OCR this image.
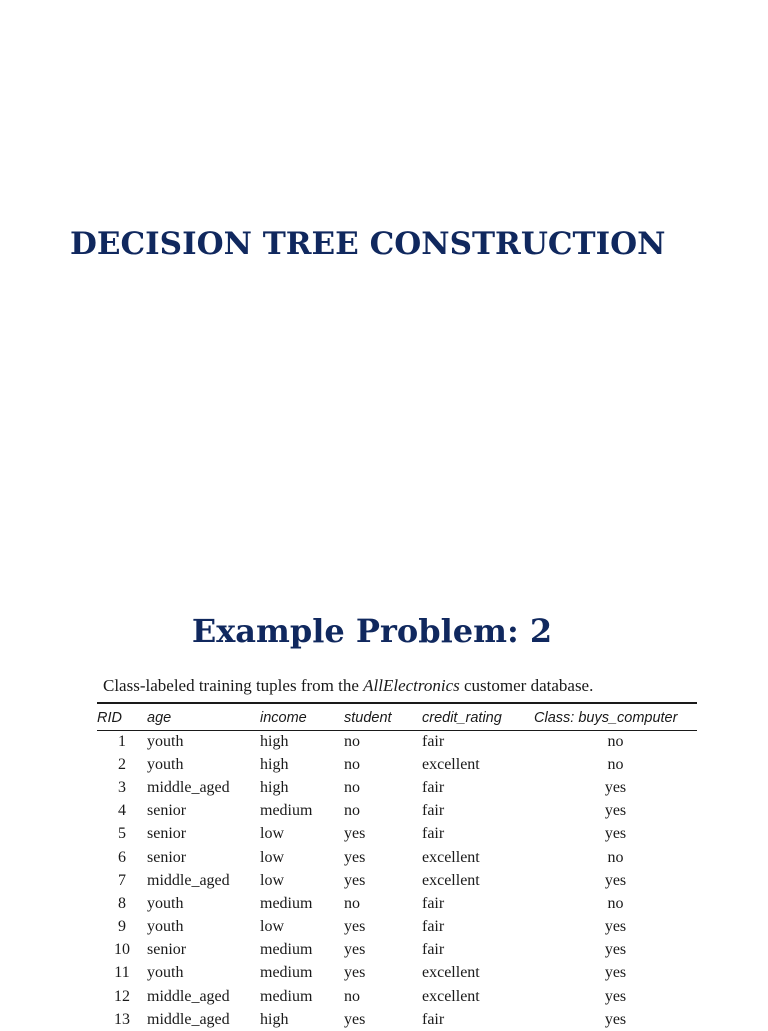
DECISION TREE CONSTRUCTION
Example Problem: 2
Class-labeled training tuples from the AllElectronics customer database.
RID	age	income	student	credit_rating	Class: buys_computer
1	youth	high	no	fair	no
2	youth	high	no	excellent	no
3	middle_aged	high	no	fair	yes
4	senior	medium	no	fair	yes
5	senior	low	yes	fair	yes
6	senior	low	yes	excellent	no
7	middle_aged	low	yes	excellent	yes
8	youth	medium	no	fair	no
9	youth	low	yes	fair	yes
10	senior	medium	yes	fair	yes
11	youth	medium	yes	excellent	yes
12	middle_aged	medium	no	excellent	yes
13	middle_aged	high	yes	fair	yes
